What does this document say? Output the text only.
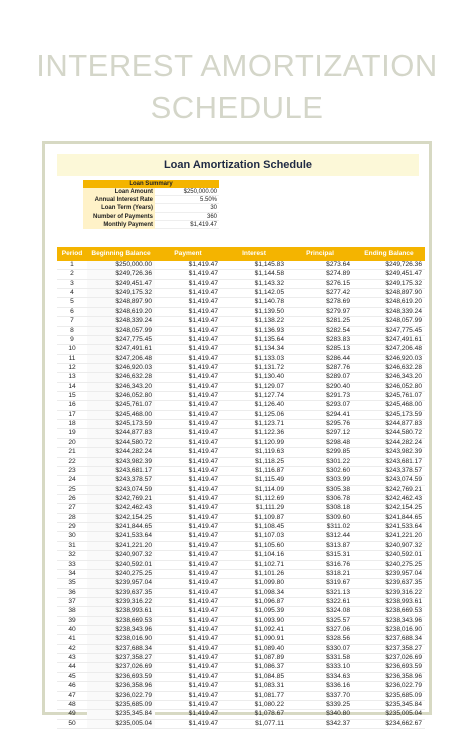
INTEREST AMORTIZATION
SCHEDULE
Loan Amortization Schedule
Loan Summary
Loan Amount	$250,000.00
Annual Interest Rate	5.50%
Loan Term (Years)	30
Number of Payments	360
Monthly Payment	$1,419.47
Period	Beginning Balance	Payment	Interest	Principal	Ending Balance
1	$250,000.00	$1,419.47	$1,145.83	$273.64	$249,726.36
2	$249,726.36	$1,419.47	$1,144.58	$274.89	$249,451.47
3	$249,451.47	$1,419.47	$1,143.32	$276.15	$249,175.32
4	$249,175.32	$1,419.47	$1,142.05	$277.42	$248,897.90
5	$248,897.90	$1,419.47	$1,140.78	$278.69	$248,619.20
6	$248,619.20	$1,419.47	$1,139.50	$279.97	$248,339.24
7	$248,339.24	$1,419.47	$1,138.22	$281.25	$248,057.99
8	$248,057.99	$1,419.47	$1,136.93	$282.54	$247,775.45
9	$247,775.45	$1,419.47	$1,135.64	$283.83	$247,491.61
10	$247,491.61	$1,419.47	$1,134.34	$285.13	$247,206.48
11	$247,206.48	$1,419.47	$1,133.03	$286.44	$246,920.03
12	$246,920.03	$1,419.47	$1,131.72	$287.76	$246,632.28
13	$246,632.28	$1,419.47	$1,130.40	$289.07	$246,343.20
14	$246,343.20	$1,419.47	$1,129.07	$290.40	$246,052.80
15	$246,052.80	$1,419.47	$1,127.74	$291.73	$245,761.07
16	$245,761.07	$1,419.47	$1,126.40	$293.07	$245,468.00
17	$245,468.00	$1,419.47	$1,125.06	$294.41	$245,173.59
18	$245,173.59	$1,419.47	$1,123.71	$295.76	$244,877.83
19	$244,877.83	$1,419.47	$1,122.36	$297.12	$244,580.72
20	$244,580.72	$1,419.47	$1,120.99	$298.48	$244,282.24
21	$244,282.24	$1,419.47	$1,119.63	$299.85	$243,982.39
22	$243,982.39	$1,419.47	$1,118.25	$301.22	$243,681.17
23	$243,681.17	$1,419.47	$1,116.87	$302.60	$243,378.57
24	$243,378.57	$1,419.47	$1,115.49	$303.99	$243,074.59
25	$243,074.59	$1,419.47	$1,114.09	$305.38	$242,769.21
26	$242,769.21	$1,419.47	$1,112.69	$306.78	$242,462.43
27	$242,462.43	$1,419.47	$1,111.29	$308.18	$242,154.25
28	$242,154.25	$1,419.47	$1,109.87	$309.60	$241,844.65
29	$241,844.65	$1,419.47	$1,108.45	$311.02	$241,533.64
30	$241,533.64	$1,419.47	$1,107.03	$312.44	$241,221.20
31	$241,221.20	$1,419.47	$1,105.60	$313.87	$240,907.32
32	$240,907.32	$1,419.47	$1,104.16	$315.31	$240,592.01
33	$240,592.01	$1,419.47	$1,102.71	$316.76	$240,275.25
34	$240,275.25	$1,419.47	$1,101.26	$318.21	$239,957.04
35	$239,957.04	$1,419.47	$1,099.80	$319.67	$239,637.35
36	$239,637.35	$1,419.47	$1,098.34	$321.13	$239,316.22
37	$239,316.22	$1,419.47	$1,096.87	$322.61	$238,993.61
38	$238,993.61	$1,419.47	$1,095.39	$324.08	$238,669.53
39	$238,669.53	$1,419.47	$1,093.90	$325.57	$238,343.96
40	$238,343.96	$1,419.47	$1,092.41	$327.06	$238,016.90
41	$238,016.90	$1,419.47	$1,090.91	$328.56	$237,688.34
42	$237,688.34	$1,419.47	$1,089.40	$330.07	$237,358.27
43	$237,358.27	$1,419.47	$1,087.89	$331.58	$237,026.69
44	$237,026.69	$1,419.47	$1,086.37	$333.10	$236,693.59
45	$236,693.59	$1,419.47	$1,084.85	$334.63	$236,358.96
46	$236,358.96	$1,419.47	$1,083.31	$336.16	$236,022.79
47	$236,022.79	$1,419.47	$1,081.77	$337.70	$235,685.09
48	$235,685.09	$1,419.47	$1,080.22	$339.25	$235,345.84
49	$235,345.84	$1,419.47	$1,078.67	$340.80	$235,005.04
50	$235,005.04	$1,419.47	$1,077.11	$342.37	$234,662.67
